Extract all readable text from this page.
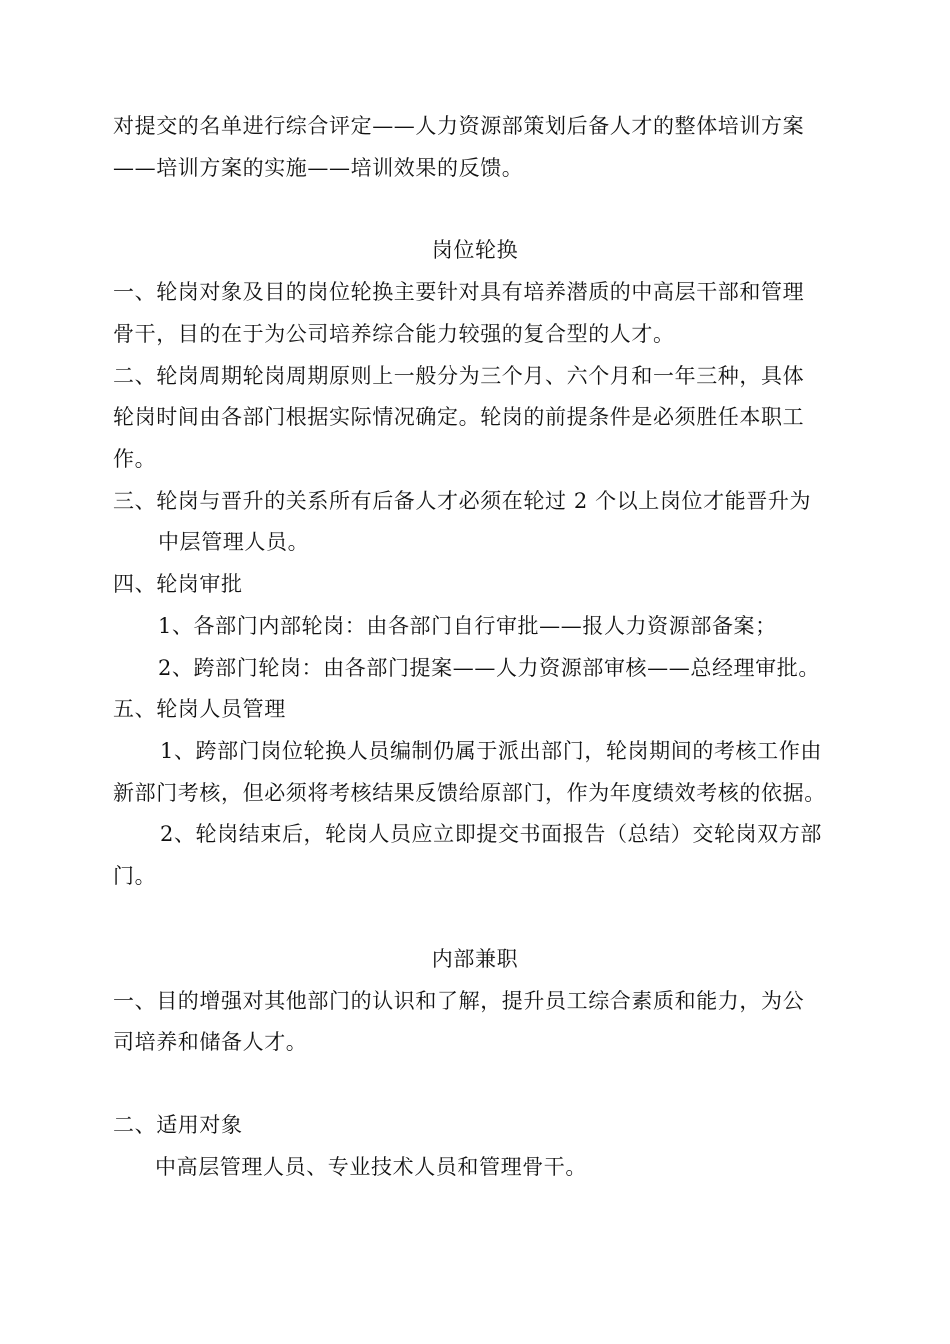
对提交的名单进行综合评定——人力资源部策划后备人才的整体培训方案
——培训方案的实施——培训效果的反馈。
岗位轮换
一、轮岗对象及目的岗位轮换主要针对具有培养潜质的中高层干部和管理
骨干，目的在于为公司培养综合能力较强的复合型的人才。
二、轮岗周期轮岗周期原则上一般分为三个月、六个月和一年三种，具体
轮岗时间由各部门根据实际情况确定。轮岗的前提条件是必须胜任本职工
作。
三、轮岗与晋升的关系所有后备人才必须在轮过 2 个以上岗位才能晋升为
中层管理人员。
四、轮岗审批
1、各部门内部轮岗：由各部门自行审批——报人力资源部备案；
2、跨部门轮岗：由各部门提案——人力资源部审核——总经理审批。
五、轮岗人员管理
1、跨部门岗位轮换人员编制仍属于派出部门，轮岗期间的考核工作由
新部门考核，但必须将考核结果反馈给原部门，作为年度绩效考核的依据。
2、轮岗结束后，轮岗人员应立即提交书面报告（总结）交轮岗双方部
门。
内部兼职
一、目的增强对其他部门的认识和了解，提升员工综合素质和能力，为公
司培养和储备人才。
二、适用对象
中高层管理人员、专业技术人员和管理骨干。
